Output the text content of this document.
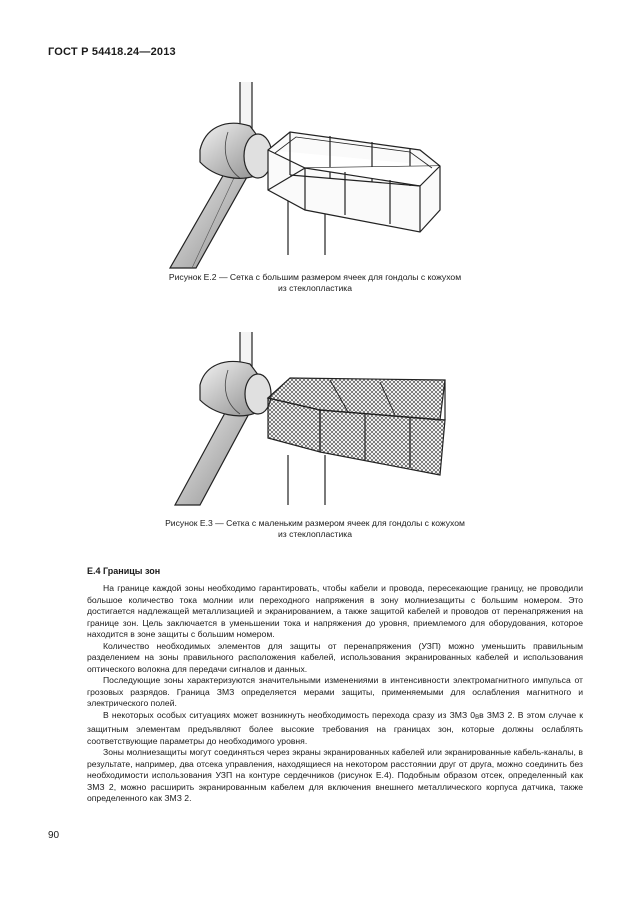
ГОСТ Р 54418.24—2013
Рисунок Е.2 — Сетка с большим размером ячеек для гондолы с кожухом
из стеклопластика
Рисунок Е.3 — Сетка с маленьким размером ячеек для гондолы с кожухом
из стеклопластика
Е.4 Границы зон

На границе каждой зоны необходимо гарантировать, чтобы кабели и провода, пересекающие границу, не проводили большое количество тока молнии или переходного напряжения в зону молниезащиты с большим номером. Это достигается надлежащей металлизацией и экранированием, а также защитой кабелей и проводов от перенапряжения на границе зон. Цель заключается в уменьшении тока и напряжения до уровня, приемлемого для оборудования, которое находится в зоне защиты с большим номером.

Количество необходимых элементов для защиты от перенапряжения (УЗП) можно уменьшить правильным разделением на зоны правильного расположения кабелей, использования экранированных кабелей и использования оптического волокна для передачи сигналов и данных.

Последующие зоны характеризуются значительными изменениями в интенсивности электромагнитного импульса от грозовых разрядов. Граница ЗМЗ определяется мерами защиты, применяемыми для ослабления магнитного и электрического полей.

В некоторых особых ситуациях может возникнуть необходимость перехода сразу из ЗМЗ 0Bв ЗМЗ 2. В этом случае к защитным элементам предъявляют более высокие требования на границах зон, которые должны ослаблять соответствующие параметры до необходимого уровня.

Зоны молниезащиты могут соединяться через экраны экранированных кабелей или экранированные кабель-каналы, в результате, например, два отсека управления, находящиеся на некотором расстоянии друг от друга, можно соединить без необходимости использования УЗП на контуре сердечников (рисунок Е.4). Подобным образом отсек, определенный как ЗМЗ 2, можно расширить экранированным кабелем для включения внешнего металлического корпуса датчика, также определенного как ЗМЗ 2.

90
